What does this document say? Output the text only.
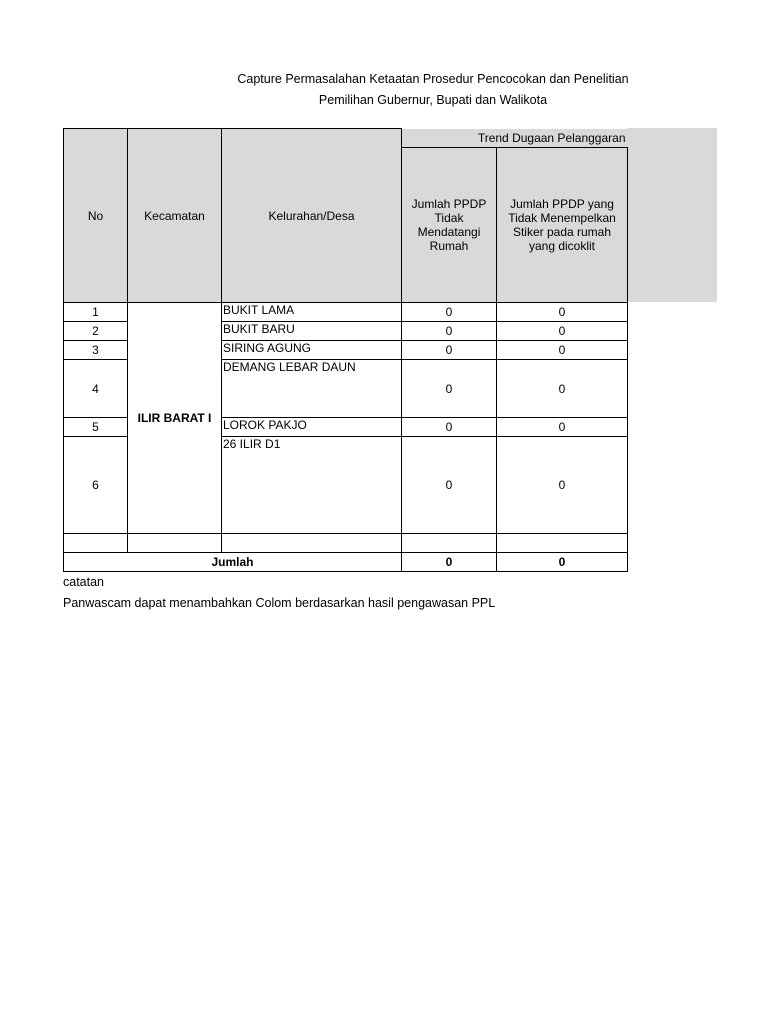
Capture Permasalahan Ketaatan Prosedur Pencocokan dan Penelitian
Pemilihan Gubernur, Bupati dan Walikota
No	Kecamatan	Kelurahan/Desa	Trend Dugaan Pelanggaran	
			Jumlah PPDP Tidak Mendatangi Rumah	Jumlah PPDP yang Tidak Menempelkan Stiker pada rumah yang dicoklit
1	ILIR BARAT I	BUKIT LAMA	0	0
2		BUKIT BARU	0	0
3		SIRING AGUNG	0	0
4		DEMANG LEBAR DAUN	0	0
5		LOROK PAKJO	0	0
6		26 ILIR D1	0	0

Jumlah			0	0
catatan
Panwascam dapat menambahkan Colom berdasarkan hasil pengawasan PPL
